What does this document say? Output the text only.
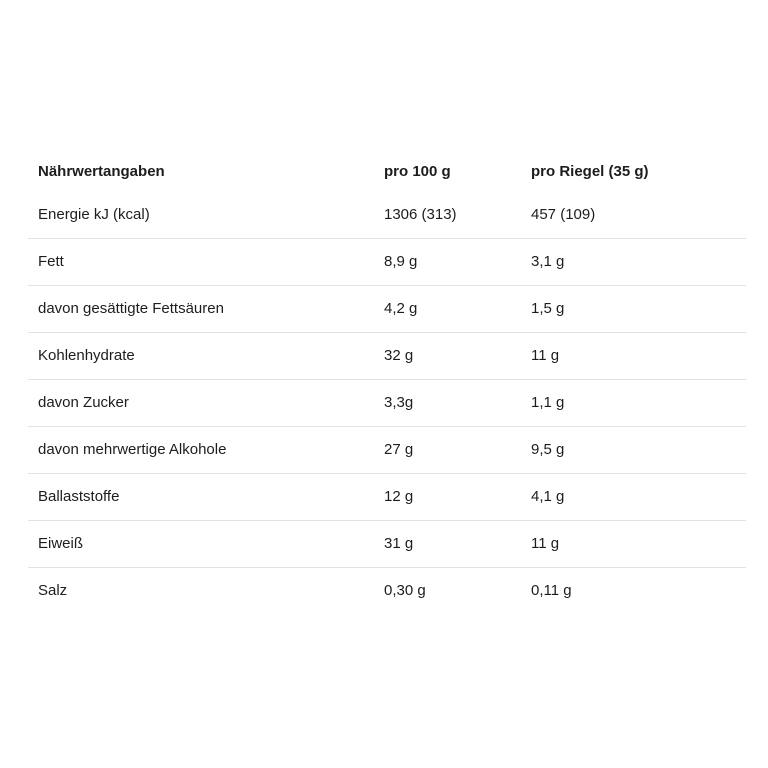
Nährwertangaben	pro 100 g	pro Riegel (35 g)
Energie kJ (kcal)	1306 (313)	457 (109)
Fett	8,9 g	3,1 g
davon gesättigte Fettsäuren	4,2 g	1,5 g
Kohlenhydrate	32 g	11 g
davon Zucker	3,3g	1,1 g
davon mehrwertige Alkohole	27 g	9,5 g
Ballaststoffe	12 g	4,1 g
Eiweiß	31 g	11 g
Salz	0,30 g	0,11 g
